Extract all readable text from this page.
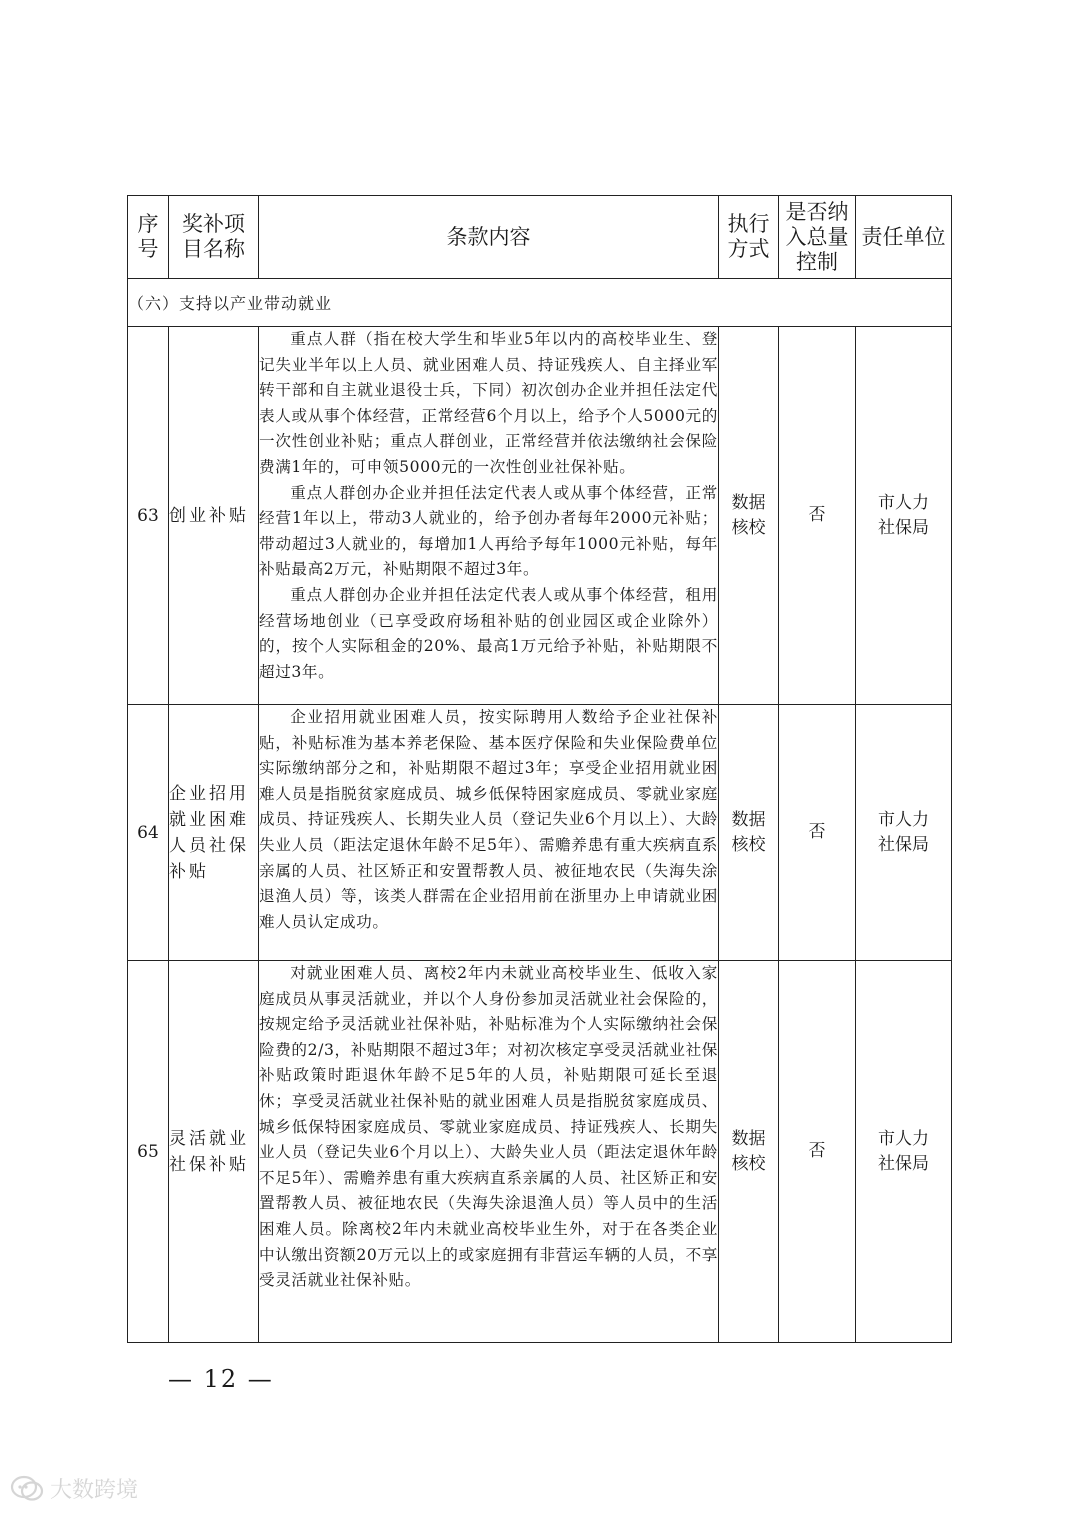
序号	奖补项目名称	条款内容	执行方式	是否纳入总量控制	责任单位
（六）支持以产业带动就业					
63	创业补贴	重点人群（指在校大学生和毕业5年以内的高校毕业生、登记失业半年以上人员、就业困难人员、持证残疾人、自主择业军转干部和自主就业退役士兵，下同）初次创办企业并担任法定代表人或从事个体经营，正常经营6个月以上，给予个人5000元的一次性创业补贴；重点人群创业，正常经营并依法缴纳社会保险费满1年的，可申领5000元的一次性创业社保补贴。

重点人群创办企业并担任法定代表人或从事个体经营，正常经营1年以上，带动3人就业的，给予创办者每年2000元补贴；带动超过3人就业的，每增加1人再给予每年1000元补贴，每年补贴最高2万元，补贴期限不超过3年。

重点人群创办企业并担任法定代表人或从事个体经营，租用经营场地创业（已享受政府场租补贴的创业园区或企业除外）的，按个人实际租金的20%、最高1万元给予补贴，补贴期限不超过3年。	数据核校	否	市人力社保局
64	企业招用就业困难人员社保补贴	企业招用就业困难人员，按实际聘用人数给予企业社保补贴，补贴标准为基本养老保险、基本医疗保险和失业保险费单位实际缴纳部分之和，补贴期限不超过3年；享受企业招用就业困难人员是指脱贫家庭成员、城乡低保特困家庭成员、零就业家庭成员、持证残疾人、长期失业人员（登记失业6个月以上）、大龄失业人员（距法定退休年龄不足5年）、需赡养患有重大疾病直系亲属的人员、社区矫正和安置帮教人员、被征地农民（失海失涂退渔人员）等，该类人群需在企业招用前在浙里办上申请就业困难人员认定成功。	数据核校	否	市人力社保局
65	灵活就业社保补贴	对就业困难人员、离校2年内未就业高校毕业生、低收入家庭成员从事灵活就业，并以个人身份参加灵活就业社会保险的，按规定给予灵活就业社保补贴，补贴标准为个人实际缴纳社会保险费的2/3，补贴期限不超过3年；对初次核定享受灵活就业社保补贴政策时距退休年龄不足5年的人员，补贴期限可延长至退休；享受灵活就业社保补贴的就业困难人员是指脱贫家庭成员、城乡低保特困家庭成员、零就业家庭成员、持证残疾人、长期失业人员（登记失业6个月以上）、大龄失业人员（距法定退休年龄不足5年）、需赡养患有重大疾病直系亲属的人员、社区矫正和安置帮教人员、被征地农民（失海失涂退渔人员）等人员中的生活困难人员。除离校2年内未就业高校毕业生外，对于在各类企业中认缴出资额20万元以上的或家庭拥有非营运车辆的人员，不享受灵活就业社保补贴。	数据核校	否	市人力社保局
— 12 —
大数跨境
